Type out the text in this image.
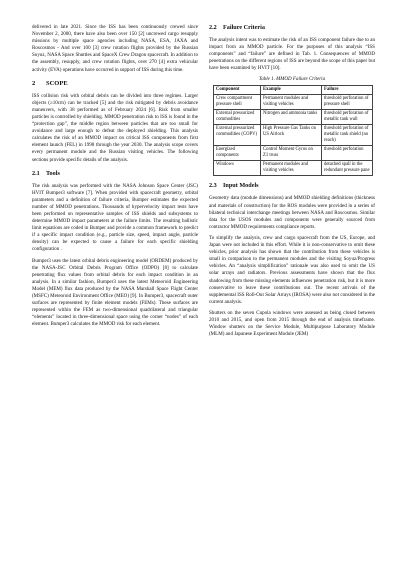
delivered in late 2021. Since the ISS has been continuously crewed since November 2, 2000, there have also been over 150 [2] uncrewed cargo resupply missions by multiple space agencies including NASA, ESA, JAXA and Roscosmos - And over 100 [3] crew rotation flights provided by the Russian Soyuz, NASA Space Shuttles and SpaceX Crew Dragon spacecraft. In addition to the assembly, resupply, and crew rotation flights, over 270 [4] extra vehicular activity (EVA) operations have occurred in support of ISS during this time.

2 SCOPE

ISS collision risk with orbital debris can be divided into three regimes. Larger objects (≥10cm) can be tracked [5] and the risk mitigated by debris avoidance maneuvers, with 38 performed as of February 2024 [6]. Risk from smaller particles is controlled by shielding. MMOD penetration risk to ISS is found in the “protection gap”, the middle region between particles that are too small for avoidance and large enough to defeat the deployed shielding. This analysis calculates the risk of an MMOD impact on critical ISS components from first element launch (FEL) in 1998 through the year 2030. The analysis scope covers every permanent module and the Russian visiting vehicles. The following sections provide specific details of the analysis.

2.1 Tools

The risk analysis was performed with the NASA Johnson Space Center (JSC) HVIT Bumper3 software [7]. When provided with spacecraft geometry, orbital parameters and a definition of failure criteria, Bumper estimates the expected number of MMOD penetrations. Thousands of hypervelocity impact tests have been performed on representative samples of ISS shields and subsystems to determine MMOD impact parameters at the failure limits. The resulting ballistic limit equations are coded in Bumper and provide a common framework to predict if a specific impact condition (e.g., particle size, speed, impact angle, particle density) can be expected to cause a failure for each specific shielding configuration .

Bumper3 uses the latest orbital debris engineering model (ORDEM) produced by the NASA-JSC Orbital Debris Program Office (ODPO) [8] to calculate penetrating flux values from orbital debris for each impact condition in an analysis. In a similar fashion, Bumper3 uses the latest Meteoroid Engineering Model (MEM) flux data produced by the NASA Marshall Space Flight Center (MSFC) Meteoroid Environment Office (MEO) [9]. In Bumper3, spacecraft outer surfaces are represented by finite element models (FEMs). These surfaces are represented within the FEM as two-dimensional quadrilateral and triangular “elements” located in three-dimensional space using the corner “nodes” of each element. Bumper3 calculates the MMOD risk for each element.

2.2 Failure Criteria

The analysis intent was to estimate the risk of an ISS component failure due to an impact from an MMOD particle. For the purposes of this analysis “ISS components” and “failure” are defined in Tab. 1. Consequences of MMOD penetrations on the different regions of ISS are beyond the scope of this paper but have been examined by HVIT [10].

Table 1. MMOD Failure Criteria
Component	Example	Failure
Crew compartment pressure shell	Permanent modules and visiting vehicles	threshold perforation of pressure shell
External pressurized commodities	Nitrogen and ammonia tanks	threshold perforation of metallic tank wall
External pressurized commodities (COPV)	High Pressure Gas Tanks on US Airlock	threshold perforation of metallic tank shield (no reach)
Energized components	Control Moment Gyros on Z1 truss	threshold perforation
Windows	Permanent modules and visiting vehicles	detached spall in the redundant pressure pane
2.3 Input Models

Geometry data (module dimensions) and MMOD shielding definitions (thickness and materials of construction) for the ROS modules were provided in a series of bilateral technical interchange meetings between NASA and Roscosmos. Similar data for the USOS modules and components were generally sourced from contractor MMOD requirements compliance reports.

To simplify the analysis, crew and cargo spacecraft from the US, Europe, and Japan were not included in this effort. While it is non-conservative to omit these vehicles, prior analysis has shown that the contribution from these vehicles is small in comparison to the permanent modules and the visiting Soyuz/Progress vehicles. An “analysis simplification” rationale was also used to omit the US solar arrays and radiators. Previous assessments have shown that the flux shadowing from these missing elements influences penetration risk, but it is more conservative to leave these contributions out. The recent arrivals of the supplemental ISS Roll-Out Solar Arrays (IROSA) were also not considered in the current analysis.

Shutters on the seven Cupola windows were assessed as being closed between 2010 and 2015, and open from 2015 through the end of analysis timeframe. Window shutters on the Service Module, Multipurpose Laboratory Module (MLM) and Japanese Experiment Module (JEM)
